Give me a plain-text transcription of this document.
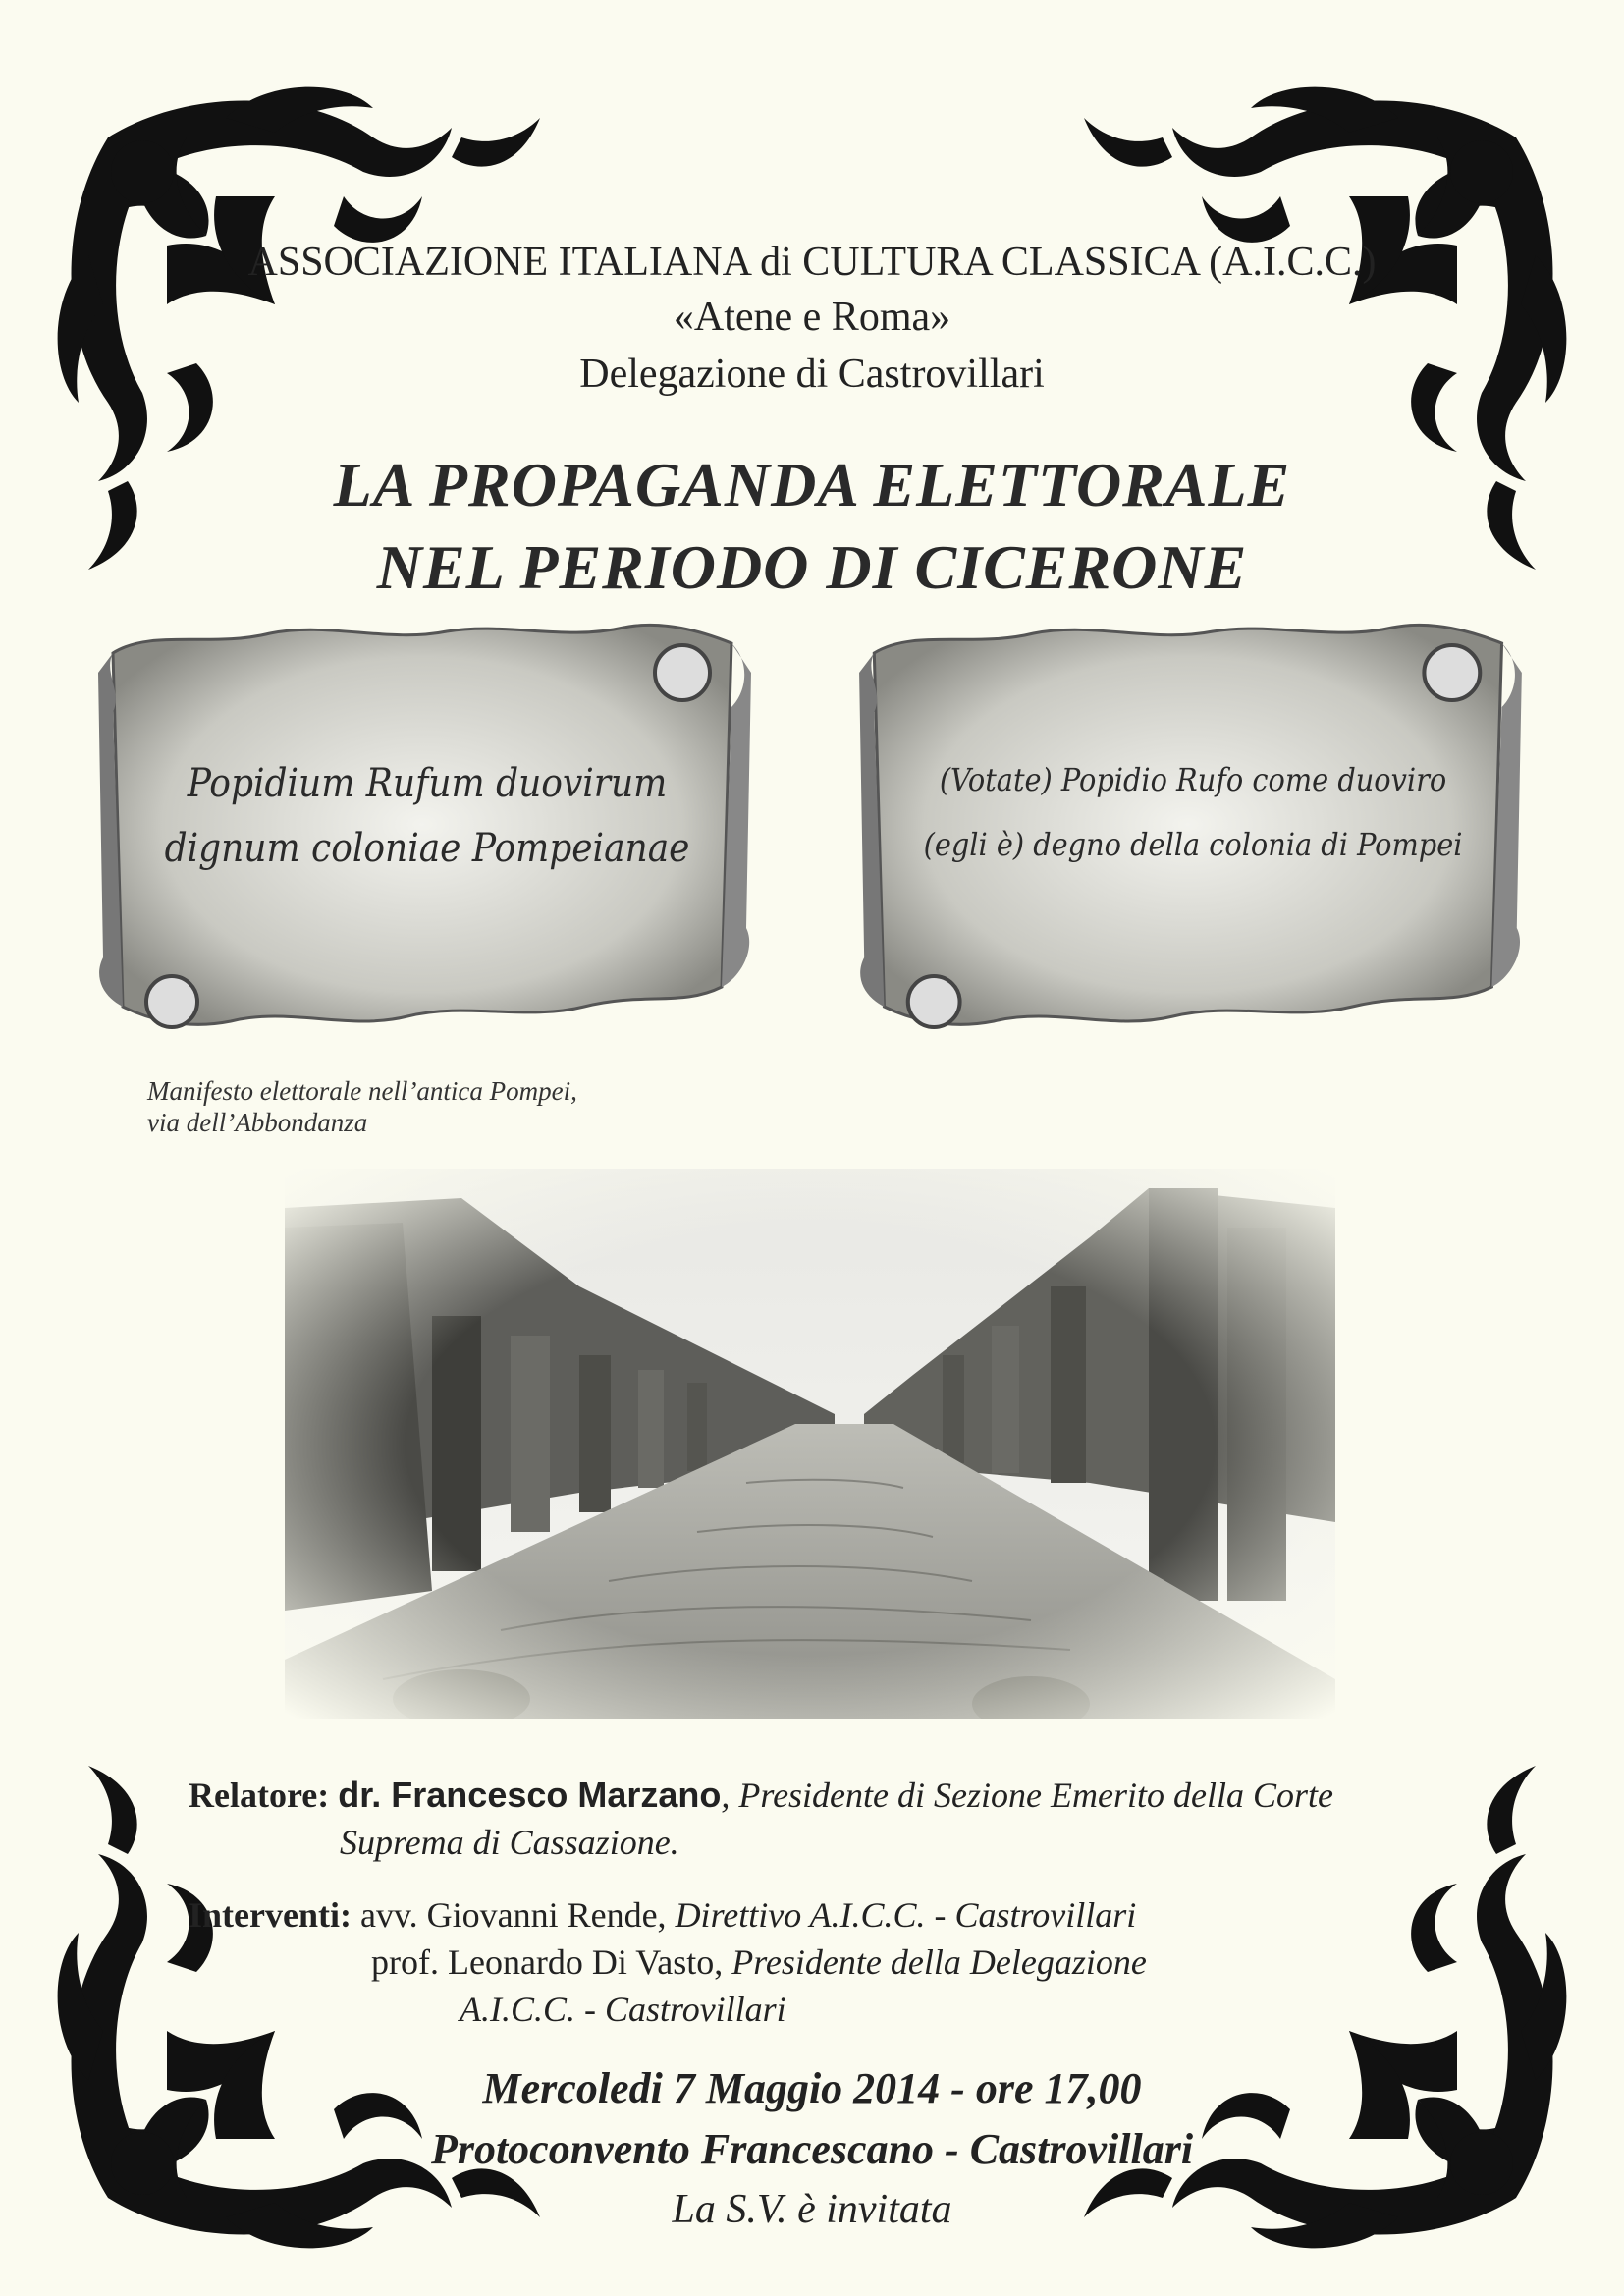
ASSOCIAZIONE ITALIANA di CULTURA CLASSICA (A.I.C.C.)
«Atene e Roma»
Delegazione di Castrovillari
LA PROPAGANDA ELETTORALE
NEL PERIODO DI CICERONE
Popidium Rufum duovirum
dignum coloniae Pompeianae
(Votate) Popidio Rufo come duoviro
(egli è) degno della colonia di Pompei
Manifesto elettorale nell’antica Pompei,
via dell’Abbondanza
Relatore: dr. Francesco Marzano, Presidente di Sezione Emerito della Corte
Suprema di Cassazione.
Interventi: avv. Giovanni Rende, Direttivo A.I.C.C. - Castrovillari
prof. Leonardo Di Vasto, Presidente della Delegazione
A.I.C.C. - Castrovillari
Mercoledi 7 Maggio 2014 - ore 17,00
Protoconvento Francescano - Castrovillari
La S.V. è invitata
